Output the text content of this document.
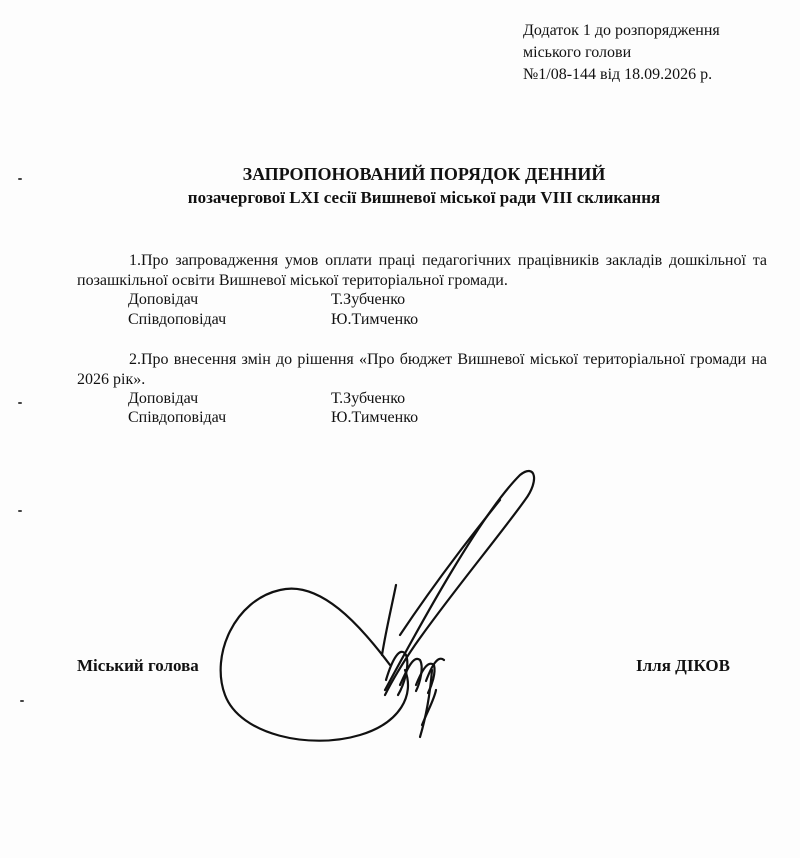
Додаток 1 до розпорядження
міського голови
№1/08-144 від 18.09.2026 р.
ЗАПРОПОНОВАНИЙ ПОРЯДОК ДЕННИЙ
позачергової LXI сесії Вишневої міської ради VIII скликання
1.Про запровадження умов оплати праці педагогічних працівників закладів дошкільної та позашкільної освіти Вишневої міської територіальної громади.
Доповідач	Т.Зубченко
Співдоповідач	Ю.Тимченко
2.Про внесення змін до рішення «Про бюджет Вишневої міської територіальної громади на 2026 рік».
Доповідач	Т.Зубченко
Співдоповідач	Ю.Тимченко
Міський голова	Ілля ДІКОВ
